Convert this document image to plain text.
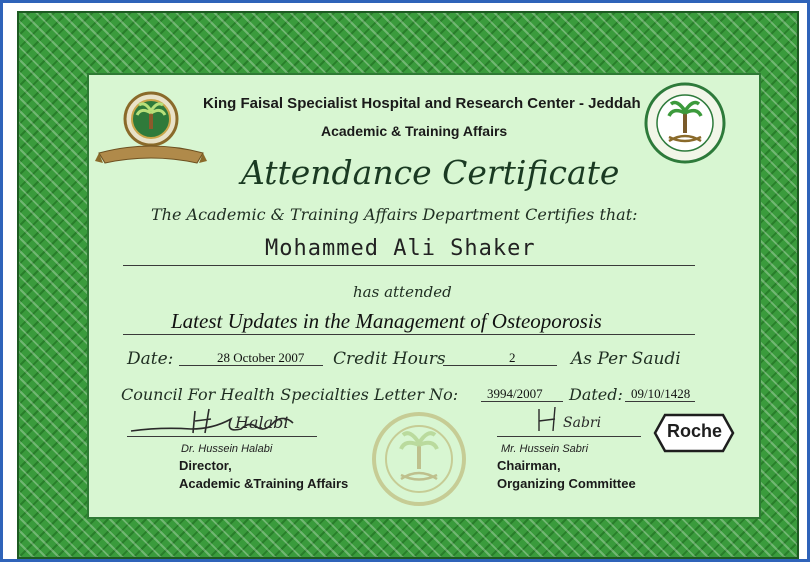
King Faisal Specialist Hospital and Research Center - Jeddah
Academic & Training Affairs
Attendance Certificate
The Academic & Training Affairs Department Certifies that:
Mohammed Ali Shaker
has attended
Latest Updates in the Management of Osteoporosis
Date:	28 October 2007 Credit Hours	2	As Per Saudi
Council For Health Specialties Letter No: 3994/2007 Dated: 09/10/1428
Halabi
Dr. Hussein Halabi
Director,
Academic &Training Affairs
Sabri
Mr. Hussein Sabri
Chairman,
Organizing Committee
Roche
